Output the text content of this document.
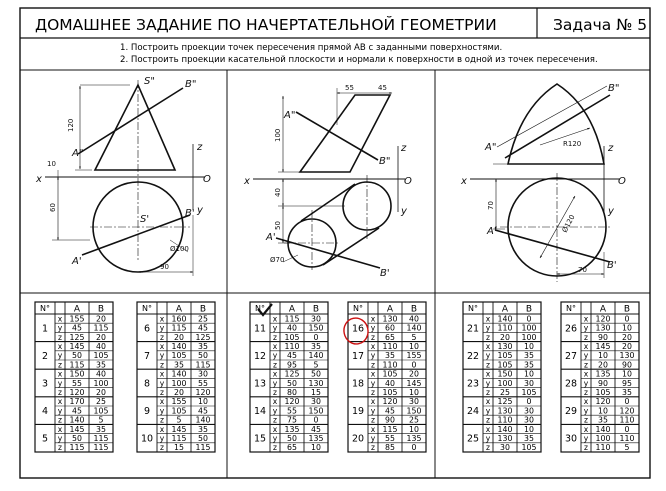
ДОМАШНЕЕ ЗАДАНИЕ ПО НАЧЕРТАТЕЛЬНОЙ ГЕОМЕТРИИ	Задача № 5
1. Построить проекции точек пересечения прямой АВ с заданными поверхностями.
2. Построить проекции касательной плоскости и нормали к поверхности в одной из точек пересечения.
S"	B"
A"
S'
B'
A'
x	O
z
y
120
10
60
Ø100
90
A"
B"
A'
B'
x	O
z
y
55	45
100
40
50
Ø70
A"
B"
A'
B'
x	O
z
y
R120
70
Ø120
70
N°	A B
1
x 155 20
y 45 115
z 125 20
2
x 145 40
y 50 105
z 115 35
3
x 150 40
y 55 100
z 120 20
4
x 170 25
y 45 105
z 140 5
5
x 145 35
y 50 115
z 115 115
N°	A B
6
x 160 25
y 115 45
z 20 125
7
x 140 35
y 105 50
z 35 115
8
x 140 30
y 100 55
z 20 120
9
x 155 10
y 105 45
z 5 140
10
x 145 35
y 115 50
z 15 115
N°	A B
11
x 115 30
y 40 150
z 105 0
12
x 110 35
y 45 140
z 95 5
13
x 125 50
y 50 130
z 80 15
14
x 120 30
y 55 150
z 75 0
15
x 135 45
y 50 135
z 65 10
N°	A B
16
x 130 40
y 60 140
z 65 5
17
x 110 10
y 35 155
z 110 0
18
x 105 20
y 40 145
z 105 10
19
x 120 30
y 45 150
z 90 25
20
x 115 10
y 55 135
z 85 0
N°	A B
21
x 140 0
y 110 100
z 20 100
22
x 130 10
y 105 35
z 105 35
23
x 150 10
y 100 30
z 25 105
24
x 125 0
y 130 30
z 110 30
25
x 140 10
y 130 35
z 30 105
N°	A B
26
x 120 0
y 130 10
z 90 20
27
x 145 20
y 10 130
z 20 90
28
x 135 10
y 90 95
z 105 35
29
x 120 0
y 10 120
z 35 110
30
x 140 0
y 100 110
z 110 5
